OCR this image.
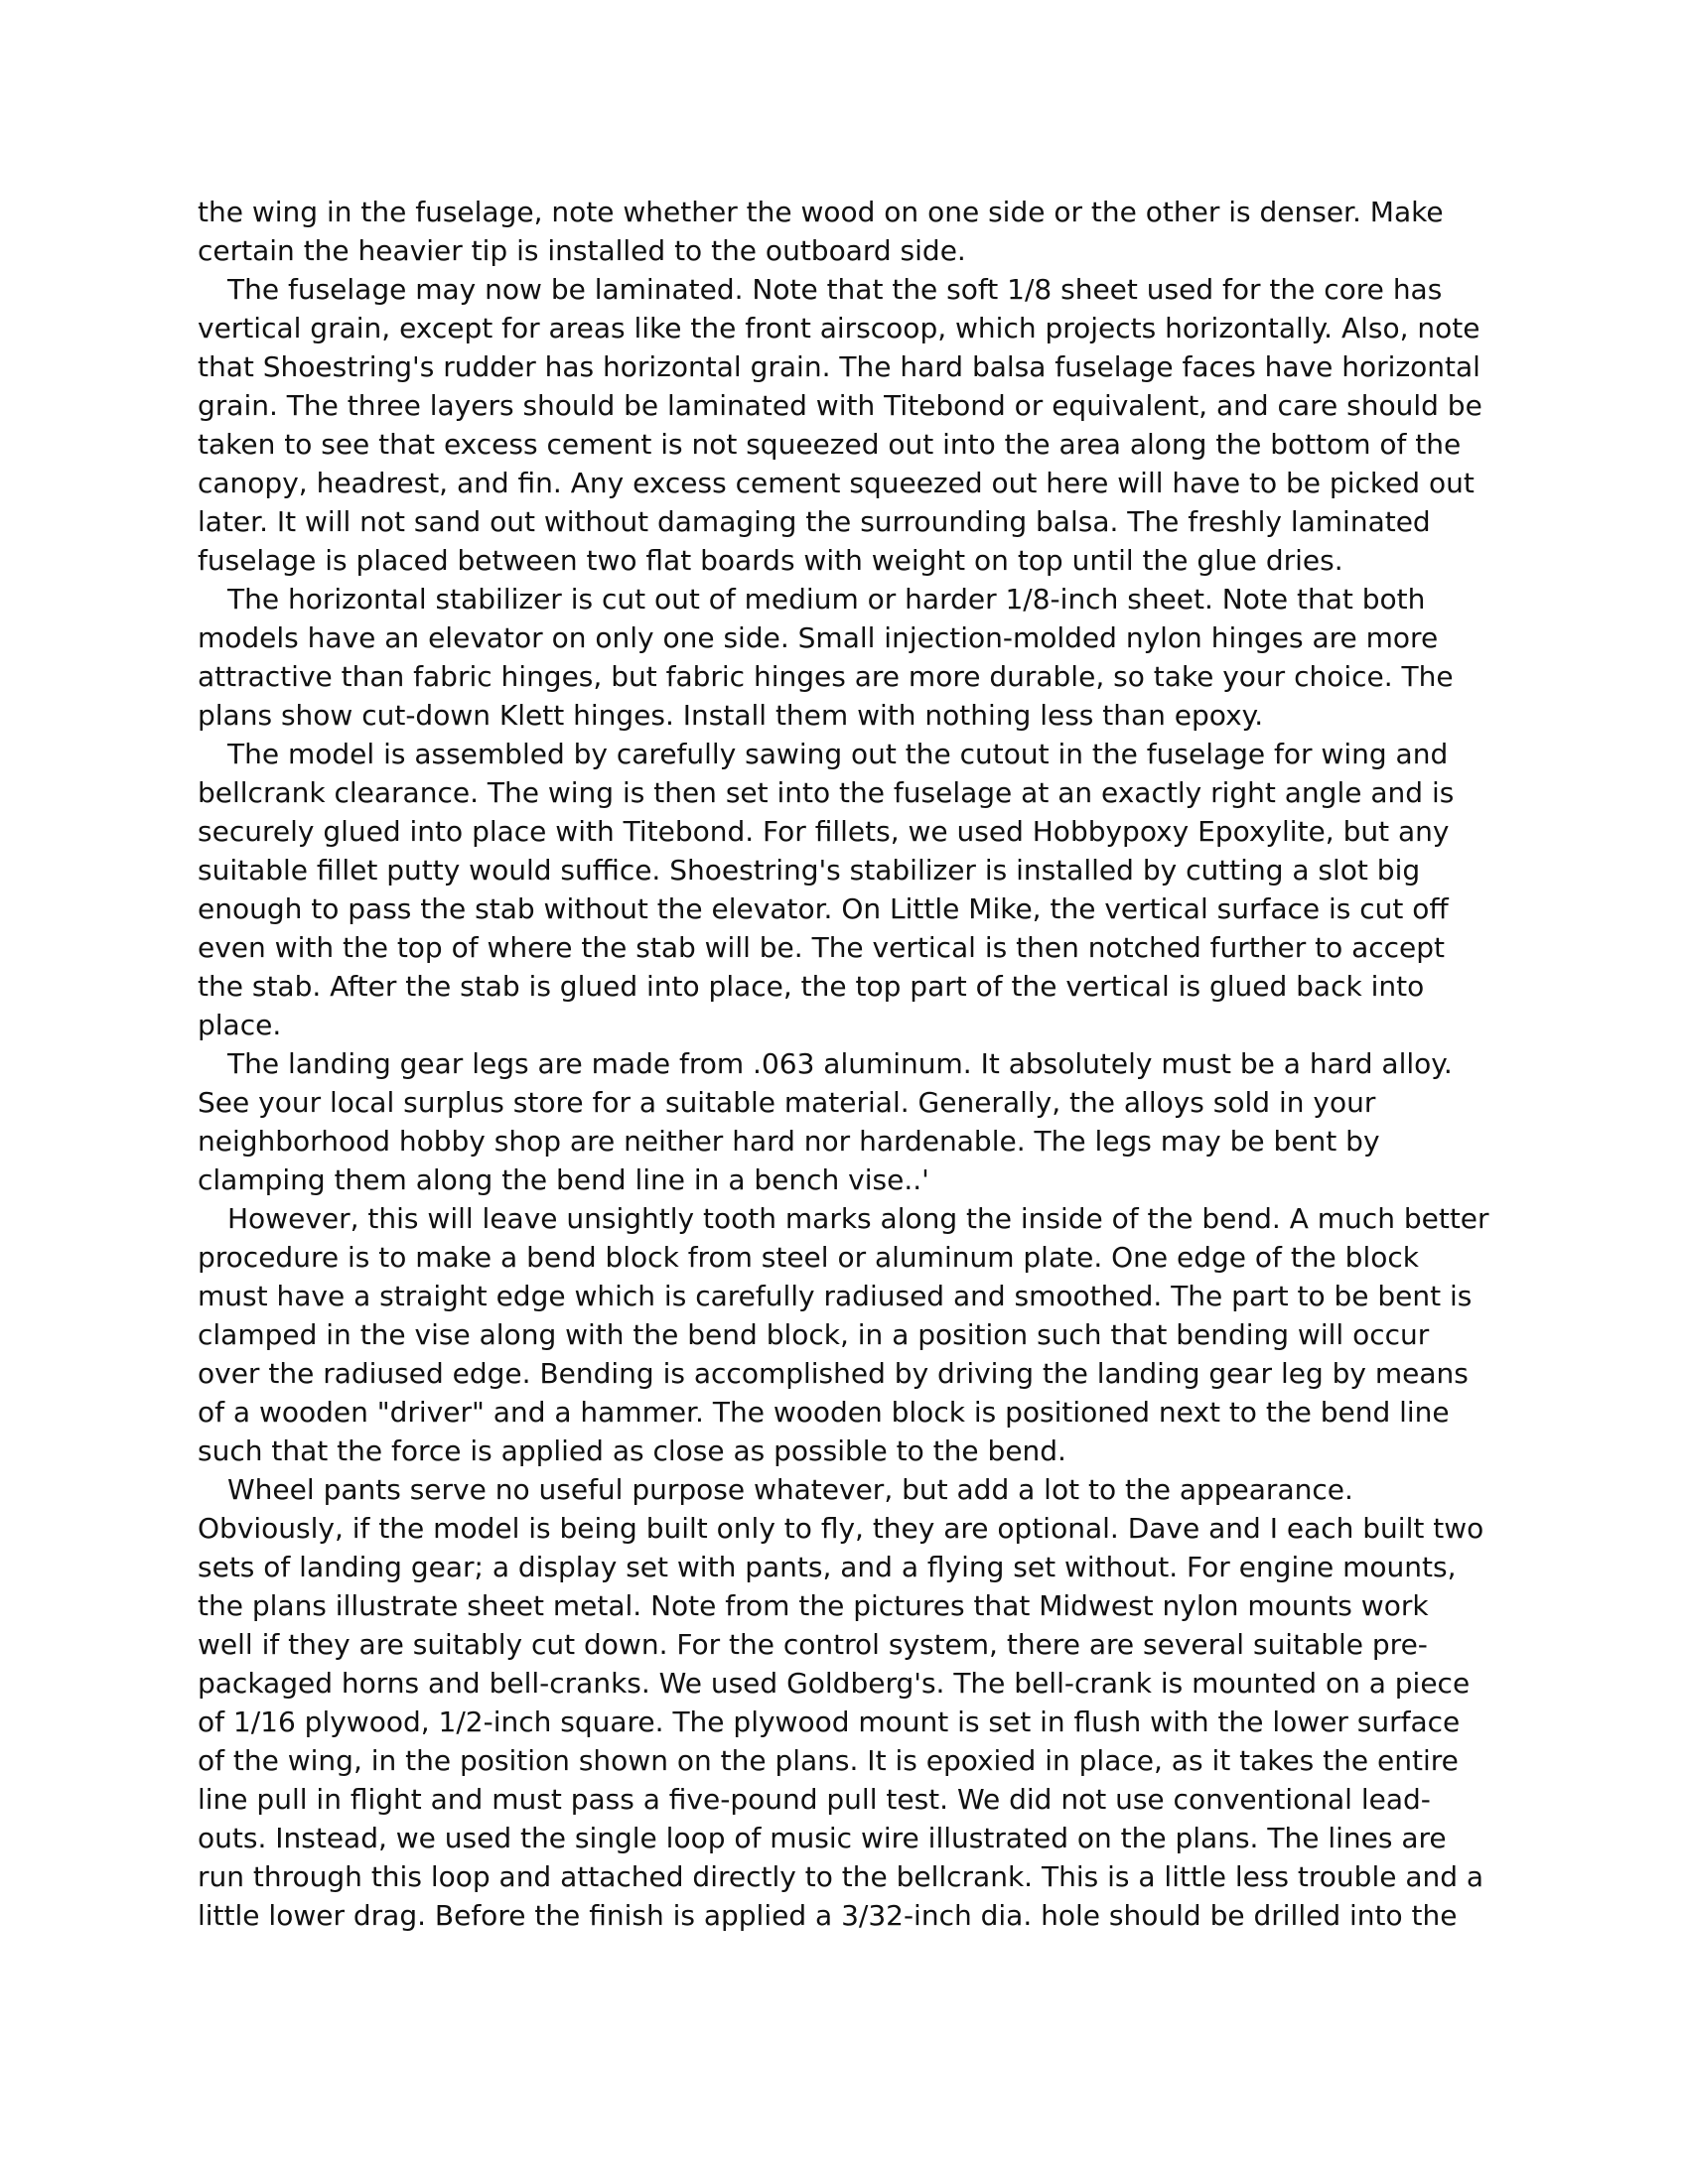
the wing in the fuselage, note whether the wood on one side or the other is denser. Make
certain the heavier tip is installed to the outboard side.
The fuselage may now be laminated. Note that the soft 1/8 sheet used for the core has
vertical grain, except for areas like the front airscoop, which projects horizontally. Also, note
that Shoestring's rudder has horizontal grain. The hard balsa fuselage faces have horizontal
grain. The three layers should be laminated with Titebond or equivalent, and care should be
taken to see that excess cement is not squeezed out into the area along the bottom of the
canopy, headrest, and fin. Any excess cement squeezed out here will have to be picked out
later. It will not sand out without damaging the surrounding balsa. The freshly laminated
fuselage is placed between two flat boards with weight on top until the glue dries.
The horizontal stabilizer is cut out of medium or harder 1/8-inch sheet. Note that both
models have an elevator on only one side. Small injection-molded nylon hinges are more
attractive than fabric hinges, but fabric hinges are more durable, so take your choice. The
plans show cut-down Klett hinges. Install them with nothing less than epoxy.
The model is assembled by carefully sawing out the cutout in the fuselage for wing and
bellcrank clearance. The wing is then set into the fuselage at an exactly right angle and is
securely glued into place with Titebond. For fillets, we used Hobbypoxy Epoxylite, but any
suitable fillet putty would suffice. Shoestring's stabilizer is installed by cutting a slot big
enough to pass the stab without the elevator. On Little Mike, the vertical surface is cut off
even with the top of where the stab will be. The vertical is then notched further to accept
the stab. After the stab is glued into place, the top part of the vertical is glued back into
place.
The landing gear legs are made from .063 aluminum. It absolutely must be a hard alloy.
See your local surplus store for a suitable material. Generally, the alloys sold in your
neighborhood hobby shop are neither hard nor hardenable. The legs may be bent by
clamping them along the bend line in a bench vise..'
However, this will leave unsightly tooth marks along the inside of the bend. A much better
procedure is to make a bend block from steel or aluminum plate. One edge of the block
must have a straight edge which is carefully radiused and smoothed. The part to be bent is
clamped in the vise along with the bend block, in a position such that bending will occur
over the radiused edge. Bending is accomplished by driving the landing gear leg by means
of a wooden "driver" and a hammer. The wooden block is positioned next to the bend line
such that the force is applied as close as possible to the bend.
Wheel pants serve no useful purpose whatever, but add a lot to the appearance.
Obviously, if the model is being built only to fly, they are optional. Dave and I each built two
sets of landing gear; a display set with pants, and a flying set without. For engine mounts,
the plans illustrate sheet metal. Note from the pictures that Midwest nylon mounts work
well if they are suitably cut down. For the control system, there are several suitable pre-
packaged horns and bell-cranks. We used Goldberg's. The bell-crank is mounted on a piece
of 1/16 plywood, 1/2-inch square. The plywood mount is set in flush with the lower surface
of the wing, in the position shown on the plans. It is epoxied in place, as it takes the entire
line pull in flight and must pass a five-pound pull test. We did not use conventional lead-
outs. Instead, we used the single loop of music wire illustrated on the plans. The lines are
run through this loop and attached directly to the bellcrank. This is a little less trouble and a
little lower drag. Before the finish is applied a 3/32-inch dia. hole should be drilled into the
